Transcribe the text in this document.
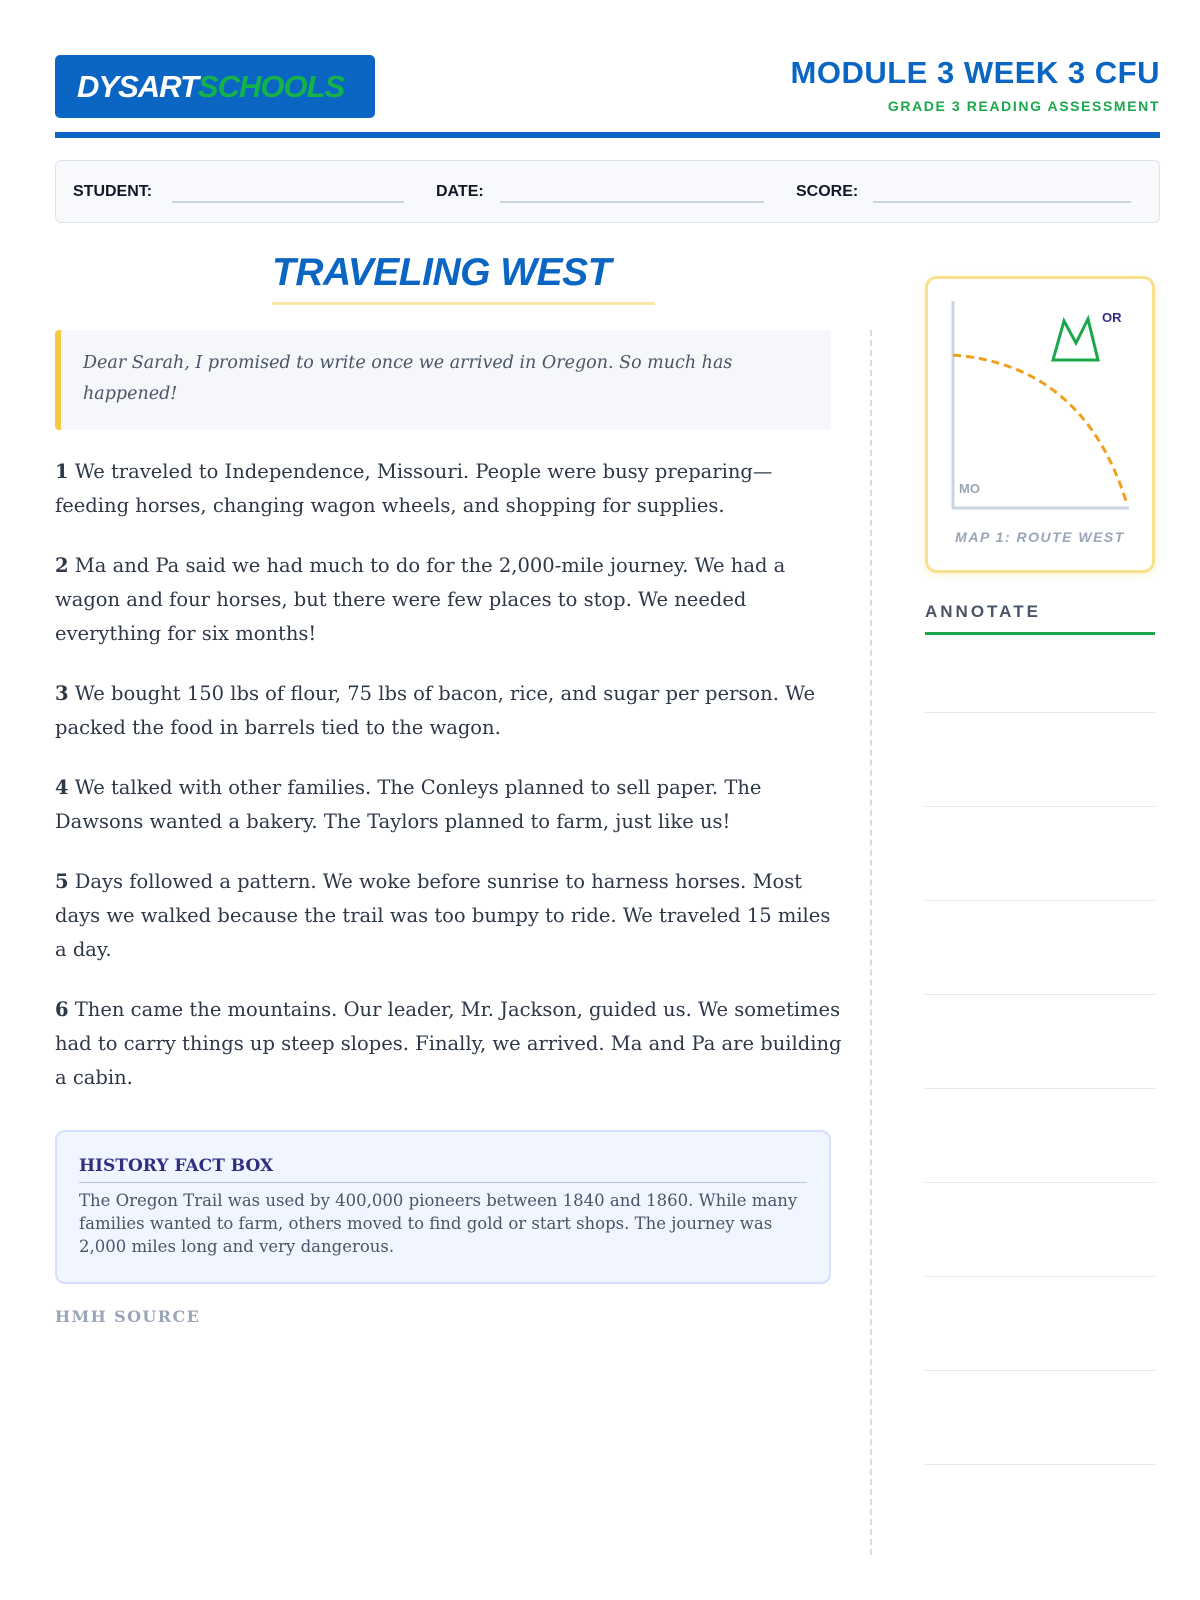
DYSARTSCHOOLS	MODULE 3 WEEK 3 CFU
GRADE 3 READING ASSESSMENT
STUDENT:	DATE:	SCORE:
TRAVELING WEST
Dear Sarah, I promised to write once we arrived in Oregon. So much has happened!

1 We traveled to Independence, Missouri. People were busy preparing—feeding horses, changing wagon wheels, and shopping for supplies.

2 Ma and Pa said we had much to do for the 2,000-mile journey. We had a wagon and four horses, but there were few places to stop. We needed everything for six months!

3 We bought 150 lbs of flour, 75 lbs of bacon, rice, and sugar per person. We packed the food in barrels tied to the wagon.

4 We talked with other families. The Conleys planned to sell paper. The Dawsons wanted a bakery. The Taylors planned to farm, just like us!

5 Days followed a pattern. We woke before sunrise to harness horses. Most days we walked because the trail was too bumpy to ride. We traveled 15 miles a day.

6 Then came the mountains. Our leader, Mr. Jackson, guided us. We sometimes had to carry things up steep slopes. Finally, we arrived. Ma and Pa are building a cabin.

HISTORY FACT BOX
The Oregon Trail was used by 400,000 pioneers between 1840 and 1860. While many families wanted to farm, others moved to find gold or start shops. The journey was 2,000 miles long and very dangerous.
HMH SOURCE
OR
MO
MAP 1: ROUTE WEST
ANNOTATE
